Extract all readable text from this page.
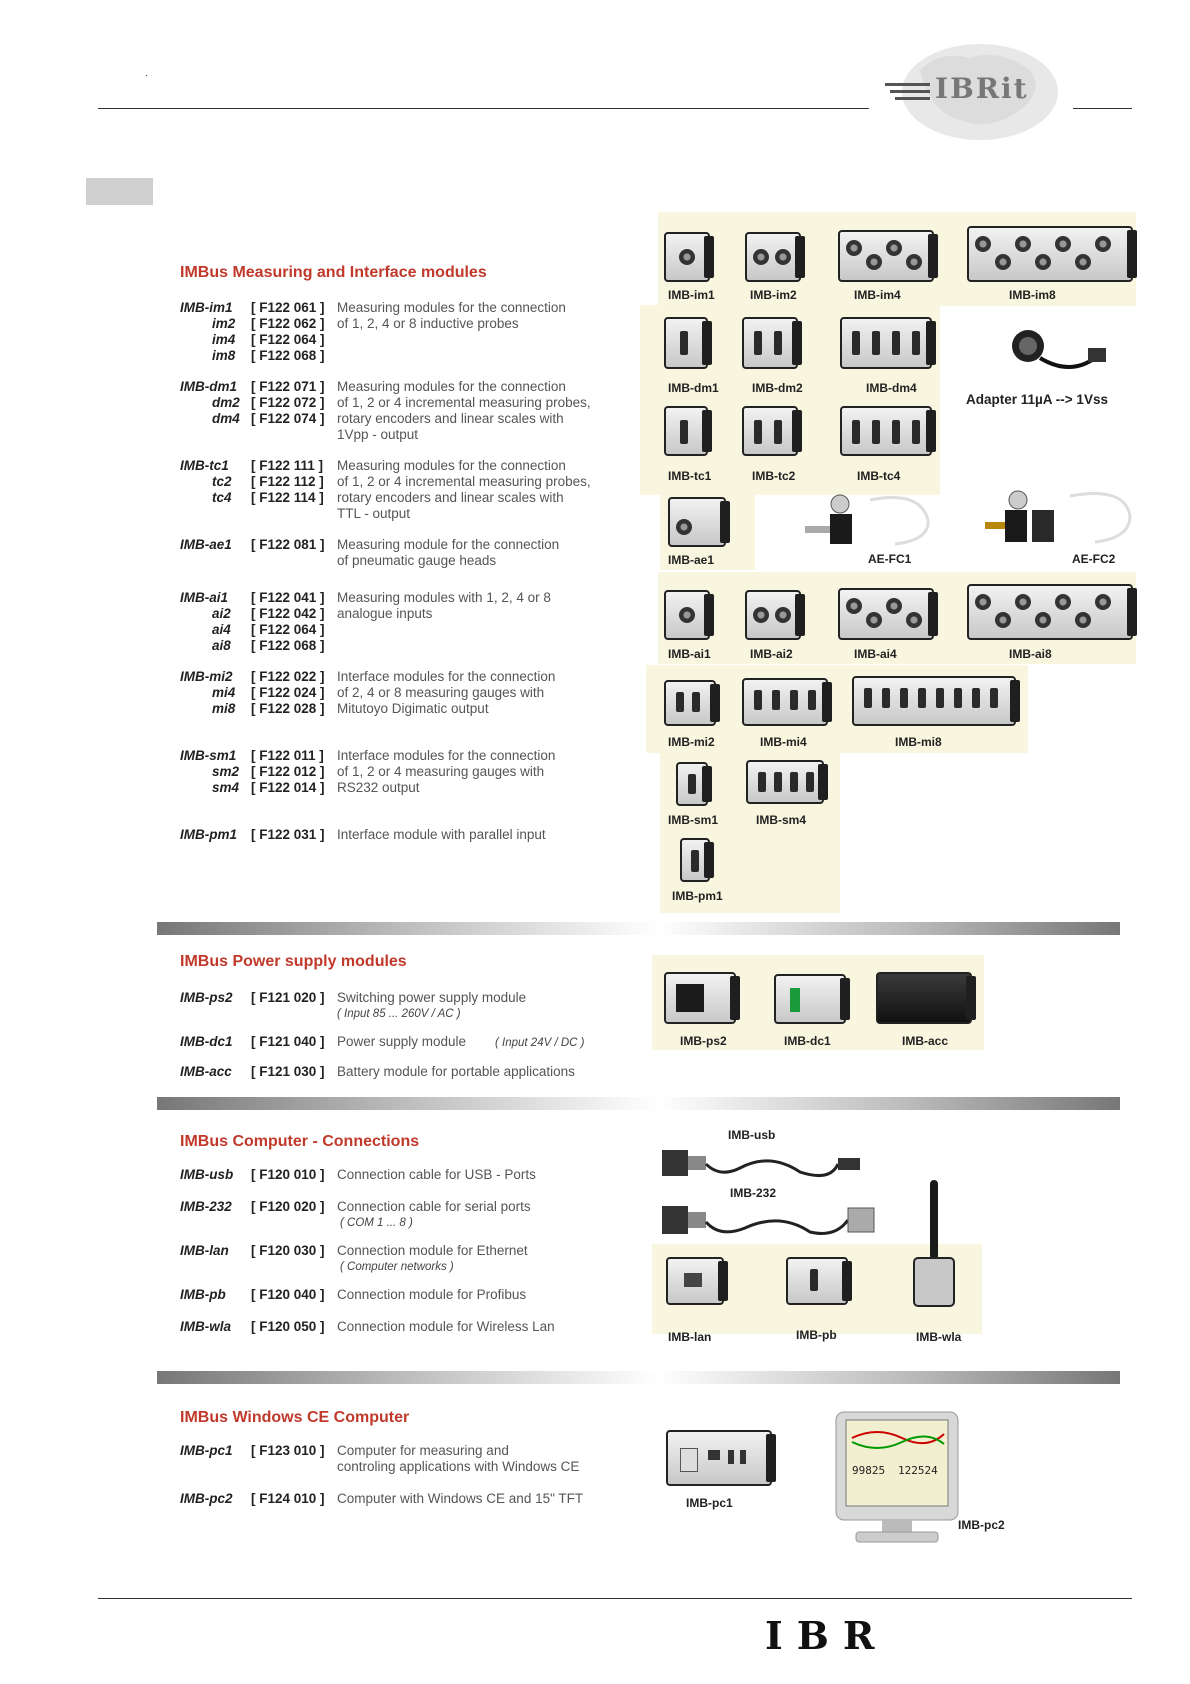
.	IBRit
IMB-im1	IMB-im2	IMB-im4	IMB-im8
IMB-dm1	IMB-dm2	IMB-dm4
Adapter 11µA --> 1Vss
IMB-tc1	IMB-tc2	IMB-tc4
IMB-ae1	AE-FC1	AE-FC2
IMB-ai1	IMB-ai2	IMB-ai4	IMB-ai8
IMB-mi2	IMB-mi4	IMB-mi8
IMB-sm1	IMB-sm4
IMB-pm1
IMBus Measuring and Interface modules
IMB-im1 [ F122 061 ] Measuring modules for the connection
im2 [ F122 062 ] of 1, 2, 4 or 8 inductive probes
im4 [ F122 064 ]
im8 [ F122 068 ]
IMB-dm1 [ F122 071 ] Measuring modules for the connection
dm2 [ F122 072 ] of 1, 2 or 4 incremental measuring probes,
dm4 [ F122 074 ] rotary encoders and linear scales with
1Vpp - output
IMB-tc1 [ F122 111 ] Measuring modules for the connection
tc2 [ F122 112 ] of 1, 2 or 4 incremental measuring probes,
tc4 [ F122 114 ] rotary encoders and linear scales with
TTL - output
IMB-ae1 [ F122 081 ] Measuring module for the connection
of pneumatic gauge heads
IMB-ai1 [ F122 041 ] Measuring modules with 1, 2, 4 or 8
ai2 [ F122 042 ] analogue inputs
ai4 [ F122 064 ]
ai8 [ F122 068 ]
IMB-mi2 [ F122 022 ] Interface modules for the connection
mi4 [ F122 024 ] of 2, 4 or 8 measuring gauges with
mi8 [ F122 028 ] Mitutoyo Digimatic output
IMB-sm1 [ F122 011 ] Interface modules for the connection
sm2 [ F122 012 ] of 1, 2 or 4 measuring gauges with
sm4 [ F122 014 ] RS232 output
IMB-pm1 [ F122 031 ] Interface module with parallel input
IMBus Power supply modules
IMB-ps2	IMB-dc1	IMB-acc
IMB-ps2 [ F121 020 ] Switching power supply module
( Input 85 ... 260V / AC )
IMB-dc1 [ F121 040 ] Power supply module	( Input 24V / DC )
IMB-acc [ F121 030 ] Battery module for portable applications
IMBus Computer - Connections	IMB-usb
IMB-232
IMB-lan	IMB-pb	IMB-wla
IMB-usb [ F120 010 ] Connection cable for USB - Ports
IMB-232 [ F120 020 ] Connection cable for serial ports
( COM 1 ... 8 )
IMB-lan [ F120 030 ] Connection module for Ethernet
( Computer networks )
IMB-pb [ F120 040 ] Connection module for Profibus
IMB-wla [ F120 050 ] Connection module for Wireless Lan
IMBus Windows CE Computer
IMB-pc1
99825 122524
IMB-pc2
IMB-pc1 [ F123 010 ] Computer for measuring and
controling applications with Windows CE
IMB-pc2 [ F124 010 ] Computer with Windows CE and 15" TFT
IBR
